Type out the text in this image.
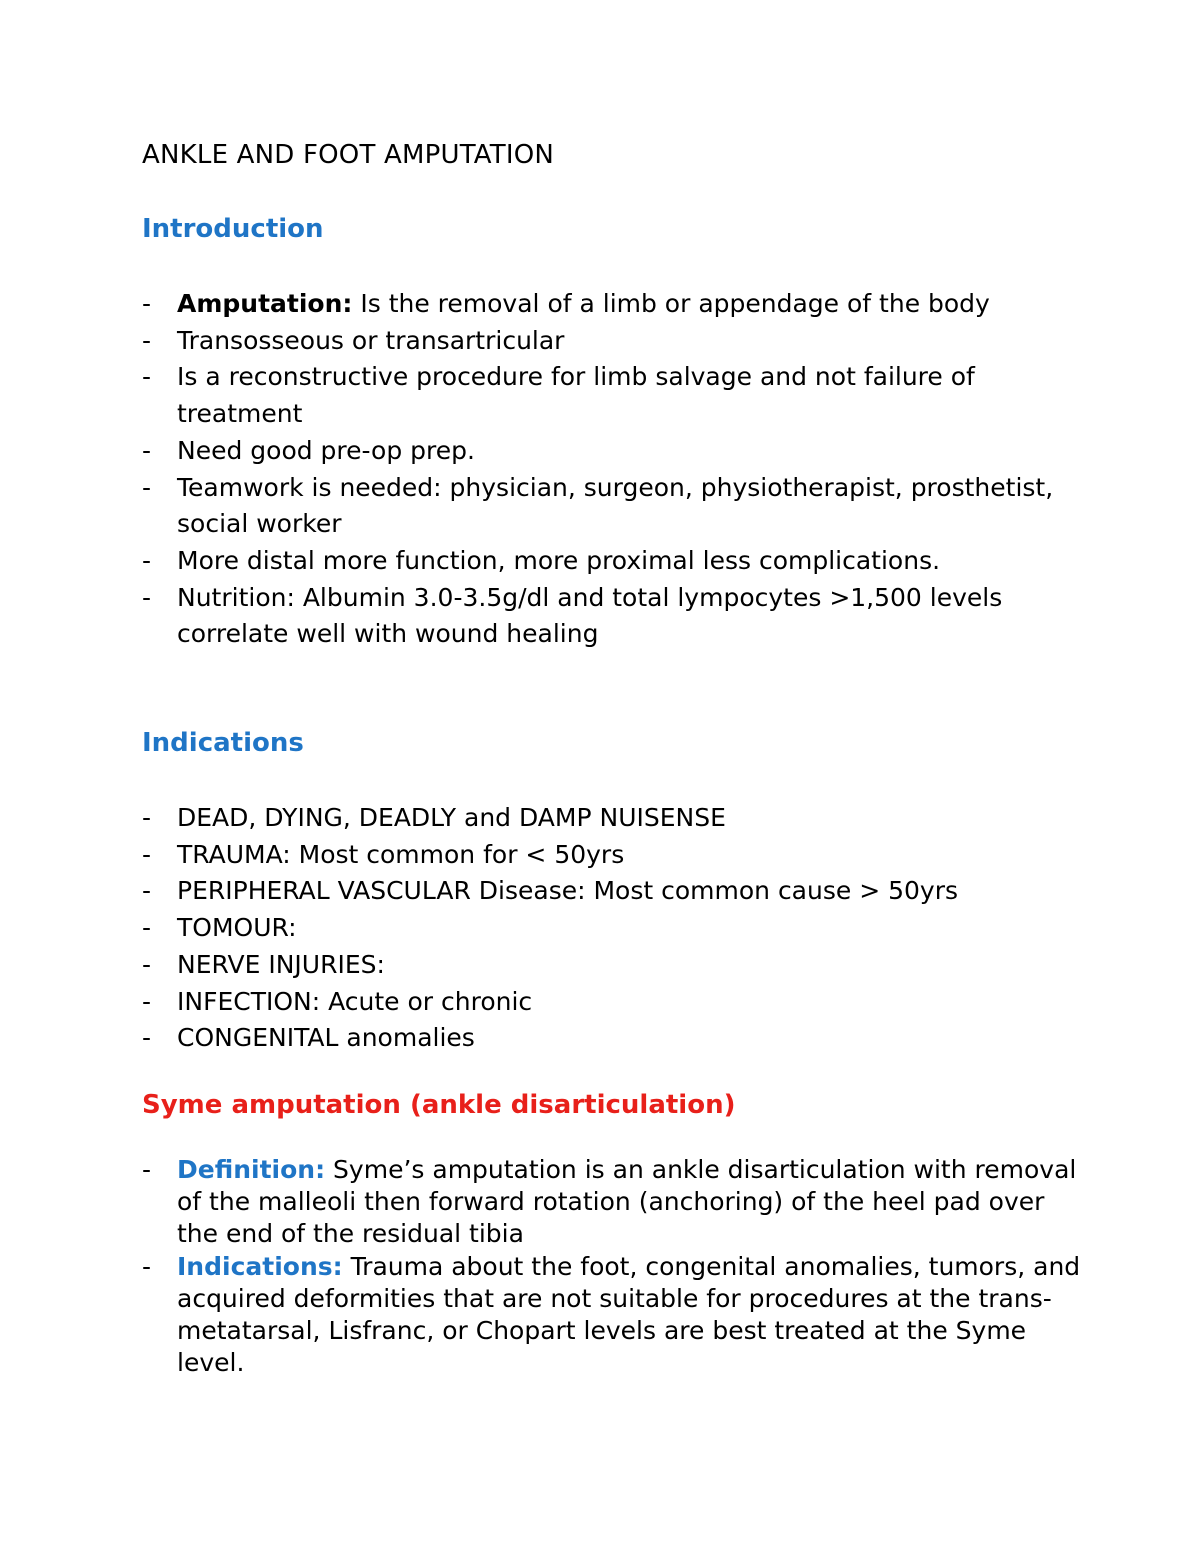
ANKLE AND FOOT AMPUTATION
Introduction
- Amputation: Is the removal of a limb or appendage of the body
- Transosseous or transartricular
- Is a reconstructive procedure for limb salvage and not failure of treatment
- Need good pre-op prep.
- Teamwork is needed: physician, surgeon, physiotherapist, prosthetist, social worker
- More distal more function, more proximal less complications.
- Nutrition: Albumin 3.0-3.5g/dl and total lympocytes >1,500 levels correlate well with wound healing
Indications
- DEAD, DYING, DEADLY and DAMP NUISENSE
- TRAUMA: Most common for < 50yrs
- PERIPHERAL VASCULAR Disease: Most common cause > 50yrs
- TOMOUR:
- NERVE INJURIES:
- INFECTION: Acute or chronic
- CONGENITAL anomalies
Syme amputation (ankle disarticulation)
- Definition: Syme’s amputation is an ankle disarticulation with removal of the malleoli then forward rotation (anchoring) of the heel pad over the end of the residual tibia
- Indications: Trauma about the foot, congenital anomalies, tumors, and acquired deformities that are not suitable for procedures at the trans-metatarsal, Lisfranc, or Chopart levels are best treated at the Syme level.
